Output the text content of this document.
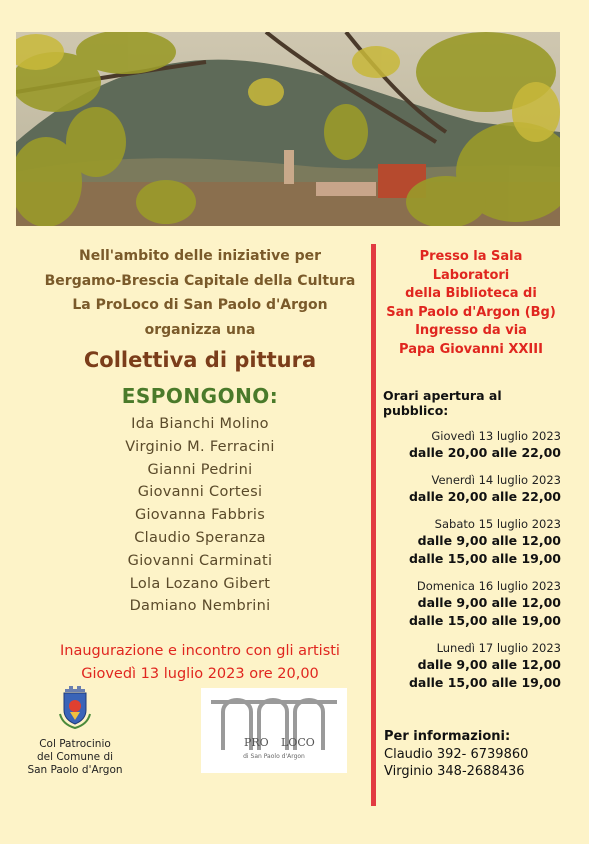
Nell'ambito delle iniziative per
Bergamo-Brescia Capitale della Cultura
La ProLoco di San Paolo d'Argon
organizza una
Collettiva di pittura
ESPONGONO:
Ida Bianchi Molino
Virginio M. Ferracini
Gianni Pedrini
Giovanni Cortesi
Giovanna Fabbris
Claudio Speranza
Giovanni Carminati
Lola Lozano Gibert
Damiano Nembrini
Inaugurazione e incontro con gli artisti
Giovedì 13 luglio 2023 ore 20,00
Presso la Sala Laboratori
della Biblioteca di
San Paolo d'Argon (Bg)
Ingresso da via
Papa Giovanni XXIII
Orari apertura al pubblico:
Giovedì 13 luglio 2023
dalle 20,00 alle 22,00
Venerdì 14 luglio 2023
dalle 20,00 alle 22,00
Sabato 15 luglio 2023
dalle 9,00 alle 12,00
dalle 15,00 alle 19,00
Domenica 16 luglio 2023
dalle 9,00 alle 12,00
dalle 15,00 alle 19,00
Lunedì 17 luglio 2023
dalle 9,00 alle 12,00
dalle 15,00 alle 19,00
Per informazioni:
Claudio 392- 6739860
Virginio 348-2688436
Col Patrocinio
del Comune di
San Paolo d'Argon
PRO LOCO
di San Paolo d'Argon
